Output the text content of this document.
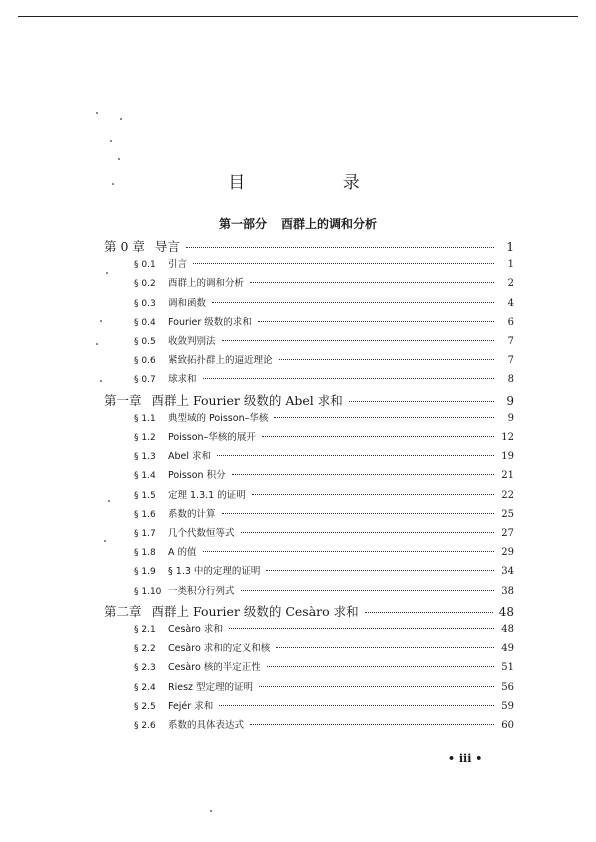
目 录
第一部分 酉群上的调和分析
第 0 章 导言	1
§ 0.1	引言	1
§ 0.2	酉群上的调和分析	2
§ 0.3	调和函数	4
§ 0.4	Fourier 级数的求和	6
§ 0.5	收敛判别法	7
§ 0.6	紧致拓扑群上的逼近理论	7
§ 0.7	球求和	8
第一章 酉群上 Fourier 级数的 Abel 求和	9
§ 1.1	典型域的 Poisson–华核	9
§ 1.2	Poisson–华核的展开	12
§ 1.3	Abel 求和	19
§ 1.4	Poisson 积分	21
§ 1.5	定理 1.3.1 的证明	22
§ 1.6	系数的计算	25
§ 1.7	几个代数恒等式	27
§ 1.8	A 的值	29
§ 1.9	§ 1.3 中的定理的证明	34
§ 1.10 一类积分行列式	38
第二章 酉群上 Fourier 级数的 Cesàro 求和	48
§ 2.1	Cesàro 求和	48
§ 2.2	Cesàro 求和的定义和核	49
§ 2.3	Cesàro 核的半定正性	51
§ 2.4	Riesz 型定理的证明	56
§ 2.5	Fejér 求和	59
§ 2.6	系数的具体表达式	60
• iii •
